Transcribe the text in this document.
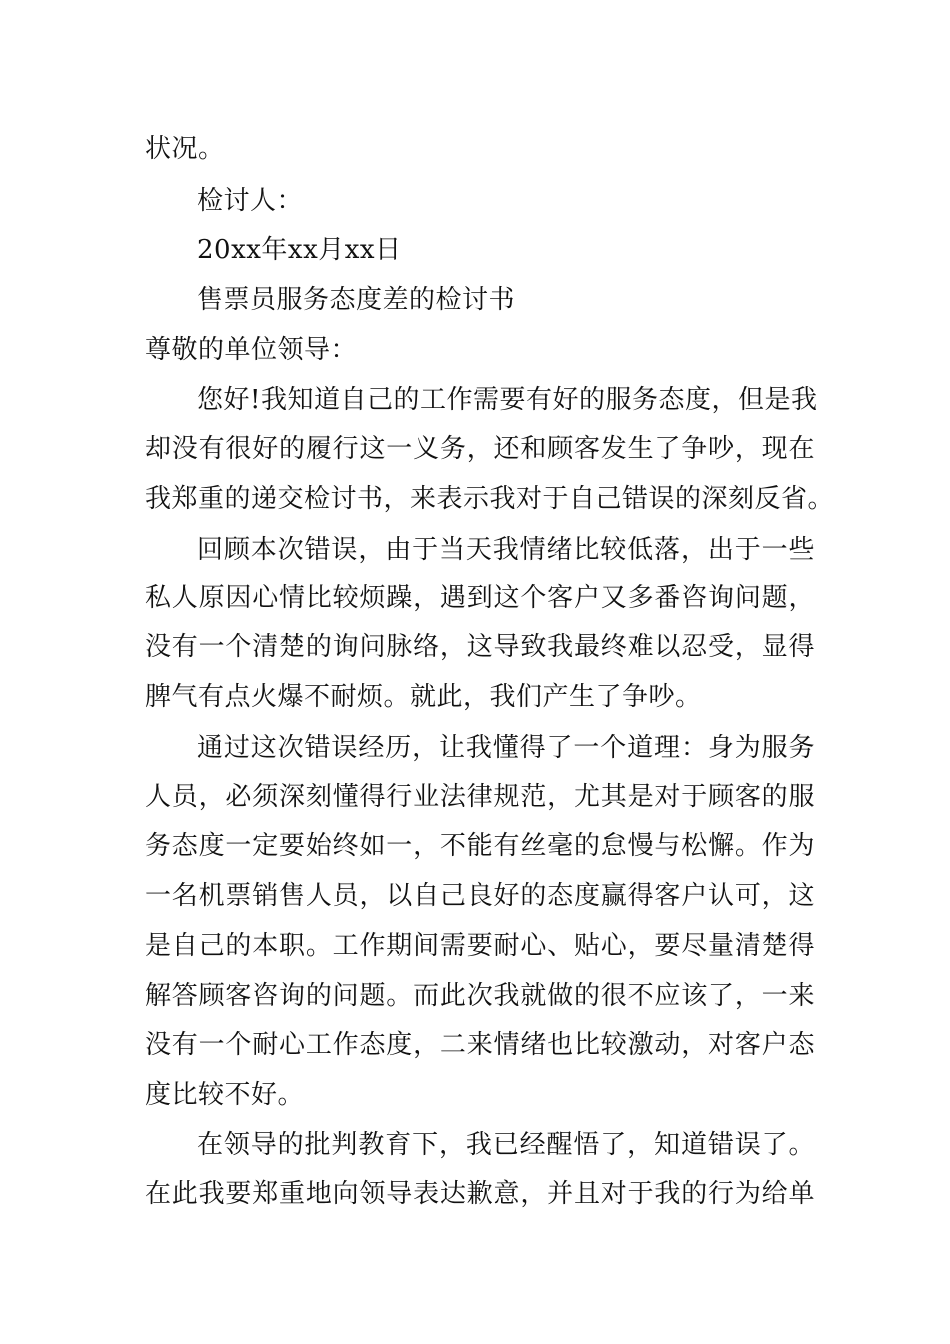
状况。
检讨人：
20xx年xx月xx日
售票员服务态度差的检讨书
尊敬的单位领导：
您好!我知道自己的工作需要有好的服务态度，但是我
却没有很好的履行这一义务，还和顾客发生了争吵，现在
我郑重的递交检讨书，来表示我对于自己错误的深刻反省。
回顾本次错误，由于当天我情绪比较低落，出于一些
私人原因心情比较烦躁，遇到这个客户又多番咨询问题，
没有一个清楚的询问脉络，这导致我最终难以忍受，显得
脾气有点火爆不耐烦。就此，我们产生了争吵。
通过这次错误经历，让我懂得了一个道理：身为服务
人员，必须深刻懂得行业法律规范，尤其是对于顾客的服
务态度一定要始终如一，不能有丝毫的怠慢与松懈。作为
一名机票销售人员，以自己良好的态度赢得客户认可，这
是自己的本职。工作期间需要耐心、贴心，要尽量清楚得
解答顾客咨询的问题。而此次我就做的很不应该了，一来
没有一个耐心工作态度，二来情绪也比较激动，对客户态
度比较不好。
在领导的批判教育下，我已经醒悟了，知道错误了。
在此我要郑重地向领导表达歉意，并且对于我的行为给单
